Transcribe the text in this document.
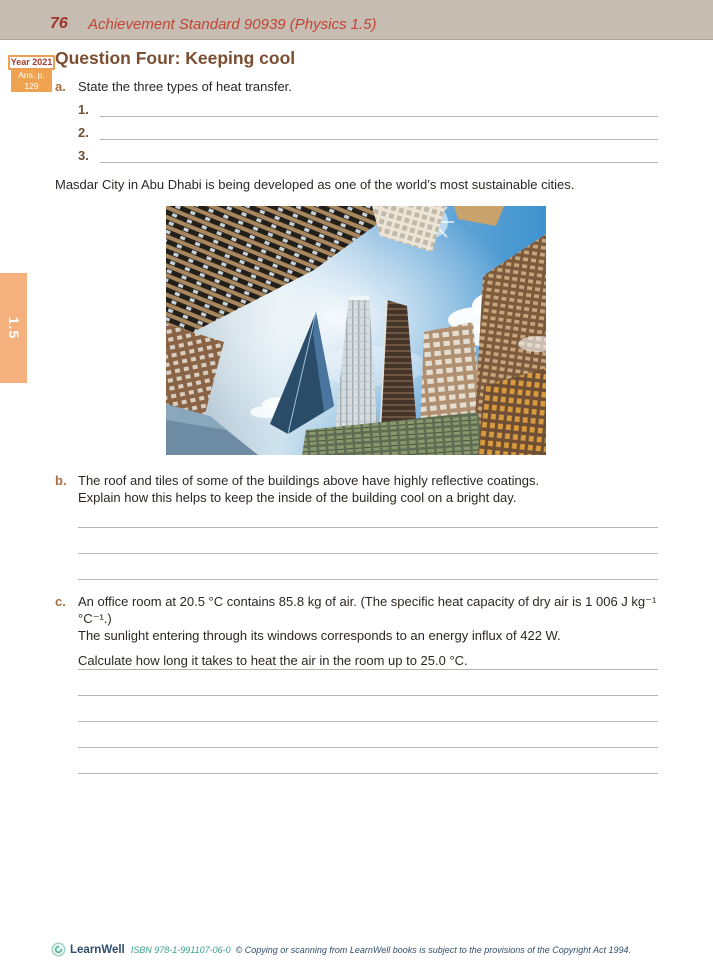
76 Achievement Standard 90939 (Physics 1.5)
1.5
Year 2021
Ans. p. 129
Question Four: Keeping cool
a. State the three types of heat transfer.
1.
2.
3.

Masdar City in Abu Dhabi is being developed as one of the world’s most sustainable cities.

b. The roof and tiles of some of the buildings above have highly reflective coatings.
Explain how this helps to keep the inside of the building cool on a bright day.
c. An office room at 20.5 °C contains 85.8 kg of air. (The specific heat capacity of dry air is 1 006 J kg⁻¹ °C⁻¹.)
The sunlight entering through its windows corresponds to an energy influx of 422 W.
Calculate how long it takes to heat the air in the room up to 25.0 °C.
LearnWell ISBN 978-1-991107-06-0 © Copying or scanning from LearnWell books is subject to the provisions of the Copyright Act 1994.
